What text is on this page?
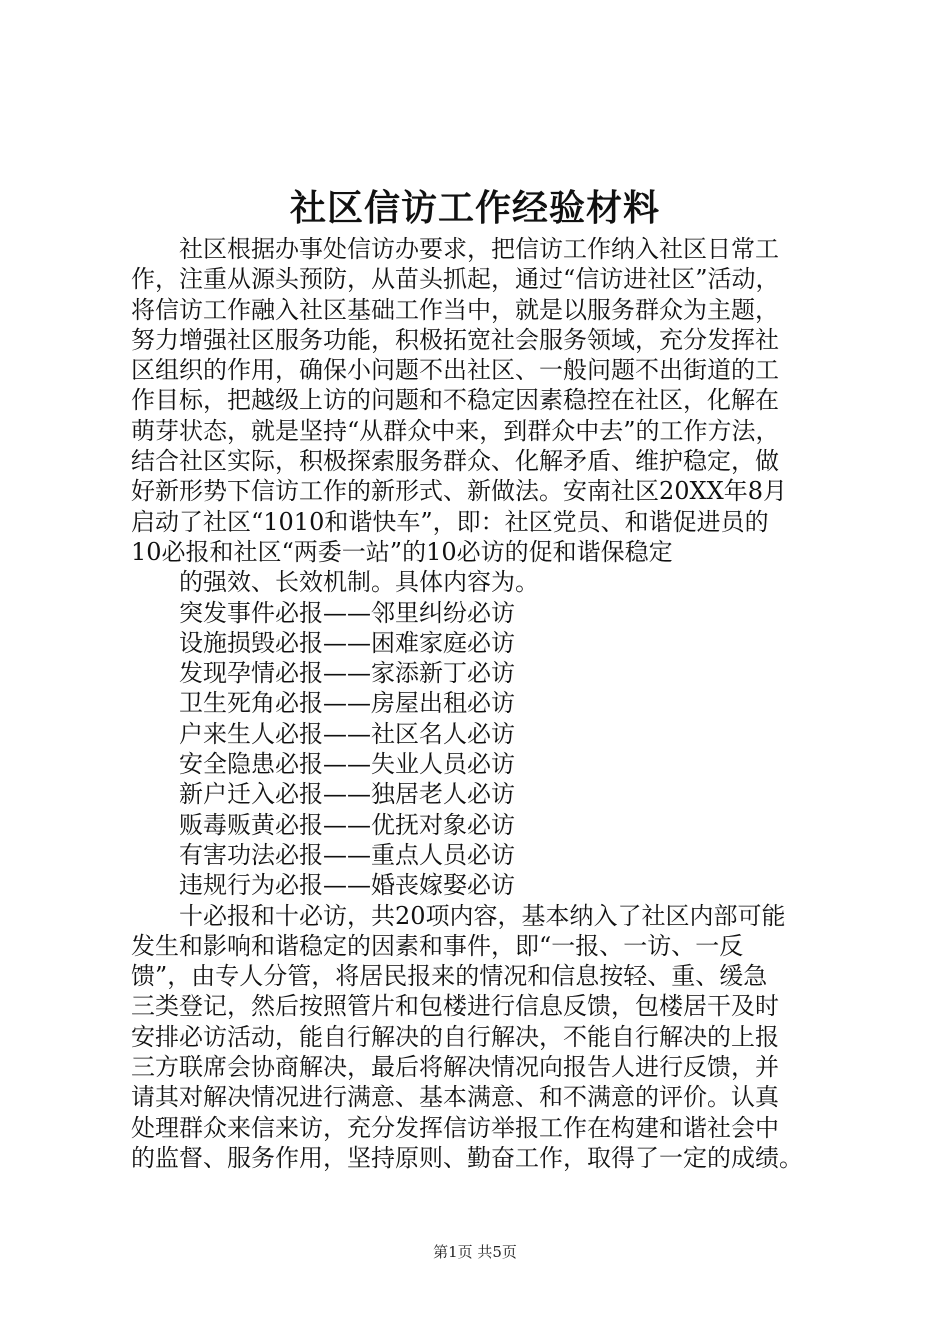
社区信访工作经验材料
社区根据办事处信访办要求，把信访工作纳入社区日常工
作，注重从源头预防，从苗头抓起，通过“信访进社区”活动，
将信访工作融入社区基础工作当中，就是以服务群众为主题，
努力增强社区服务功能，积极拓宽社会服务领域，充分发挥社
区组织的作用，确保小问题不出社区、一般问题不出街道的工
作目标，把越级上访的问题和不稳定因素稳控在社区，化解在
萌芽状态，就是坚持“从群众中来，到群众中去”的工作方法，
结合社区实际，积极探索服务群众、化解矛盾、维护稳定，做
好新形势下信访工作的新形式、新做法。安南社区20XX年8月
启动了社区“1010和谐快车”，即：社区党员、和谐促进员的
10必报和社区“两委一站”的10必访的促和谐保稳定
的强效、长效机制。具体内容为。
突发事件必报——邻里纠纷必访
设施损毁必报——困难家庭必访
发现孕情必报——家添新丁必访
卫生死角必报——房屋出租必访
户来生人必报——社区名人必访
安全隐患必报——失业人员必访
新户迁入必报——独居老人必访
贩毒贩黄必报——优抚对象必访
有害功法必报——重点人员必访
违规行为必报——婚丧嫁娶必访
十必报和十必访，共20项内容，基本纳入了社区内部可能
发生和影响和谐稳定的因素和事件，即“一报、一访、一反
馈”，由专人分管，将居民报来的情况和信息按轻、重、缓急
三类登记，然后按照管片和包楼进行信息反馈，包楼居干及时
安排必访活动，能自行解决的自行解决，不能自行解决的上报
三方联席会协商解决，最后将解决情况向报告人进行反馈，并
请其对解决情况进行满意、基本满意、和不满意的评价。认真
处理群众来信来访，充分发挥信访举报工作在构建和谐社会中
的监督、服务作用，坚持原则、勤奋工作，取得了一定的成绩。
第1页 共5页
